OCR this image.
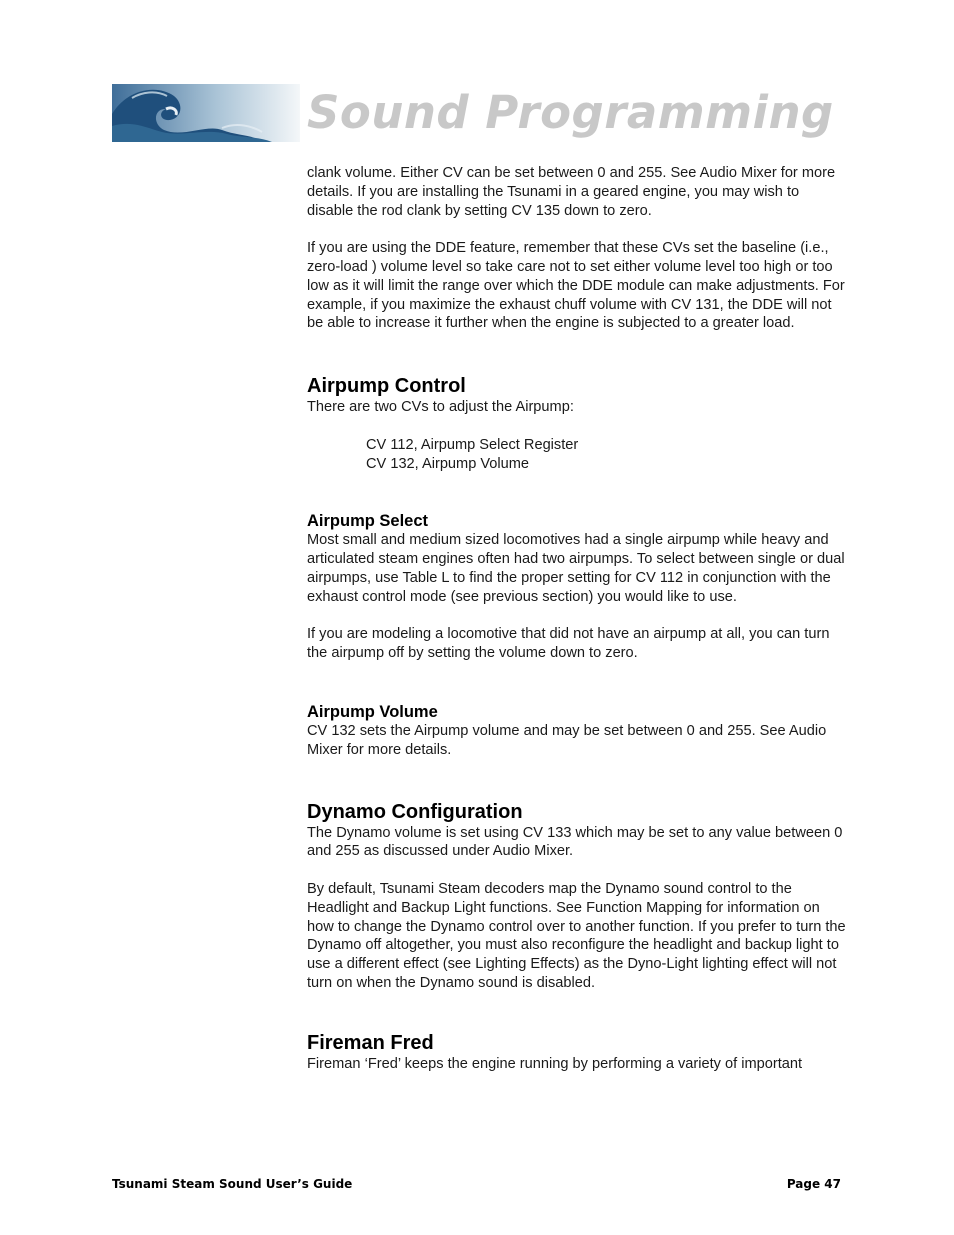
Sound Programming

clank volume. Either CV can be set between 0 and 255. See Audio Mixer for more details. If you are installing the Tsunami in a geared engine, you may wish to disable the rod clank by setting CV 135 down to zero.

If you are using the DDE feature, remember that these CVs set the baseline (i.e., zero-load ) volume level so take care not to set either volume level too high or too low as it will limit the range over which the DDE module can make adjustments. For example, if you maximize the exhaust chuff volume with CV 131, the DDE will not be able to increase it further when the engine is subjected to a greater load.

Airpump Control

There are two CVs to adjust the Airpump:

CV 112, Airpump Select Register

CV 132, Airpump Volume

Airpump Select

Most small and medium sized locomotives had a single airpump while heavy and articulated steam engines often had two airpumps. To select between single or dual airpumps, use Table L to find the proper setting for CV 112 in conjunction with the exhaust control mode (see previous section) you would like to use.

If you are modeling a locomotive that did not have an airpump at all, you can turn the airpump off by setting the volume down to zero.

Airpump Volume

CV 132 sets the Airpump volume and may be set between 0 and 255. See Audio Mixer for more details.

Dynamo Configuration

The Dynamo volume is set using CV 133 which may be set to any value between 0 and 255 as discussed under Audio Mixer.

By default, Tsunami Steam decoders map the Dynamo sound control to the Headlight and Backup Light functions. See Function Mapping for information on how to change the Dynamo control over to another function. If you prefer to turn the Dynamo off altogether, you must also reconfigure the headlight and backup light to use a different effect (see Lighting Effects) as the Dyno-Light lighting effect will not turn on when the Dynamo sound is disabled.

Fireman Fred

Fireman ‘Fred’ keeps the engine running by performing a variety of important

Tsunami Steam Sound User’s Guide	Page 47
